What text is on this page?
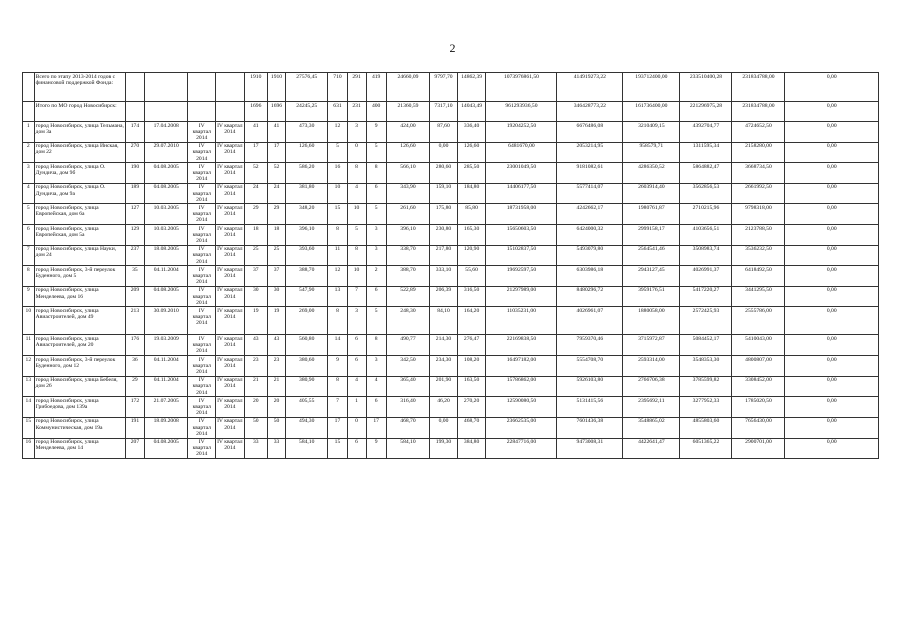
2
	Всего по этапу 2013-2014 годов с финансовой поддержкой Фонда:					1910	1910	27576,45	710	291	419	24660,09	9797,70	14862,39	1073976861,50	414919273,22	193712400,00	233510400,28	231834788,00	0,00
	Итого по МО город Новосибирск:					1696	1696	24245,25	631	231	400	21360,59	7317,10	14043,49	961293936,50	346428773,22	161736400,00	221296975,28	231834788,00	0,00
1	город Новосибирск, улица Тельмана, дом 3а	174	17.04.2008	IV квартал 2014	IV квартал 2014	41	41	473,30	12	3	9	424,00	87,60	336,40	19204252,50	6676486,08	3210409,15	4392704,77	4724652,50	0,00
2	город Новосибирск, улица Инская, дом 22	270	29.07.2010	IV квартал 2014	IV квартал 2014	17	17	126,60	5	0	5	126,60	0,00	126,60	6481670,00	2053214,95	958579,71	1311595,34	2158280,00	0,00
3	город Новосибирск, улица О. Дундича, дом 9б	190	04.08.2005	IV квартал 2014	IV квартал 2014	52	52	586,20	16	8	8	566,10	280,60	285,50	23001049,50	9181082,61	4286350,52	5864882,47	3668734,50	0,00
4	город Новосибирск, улица О. Дундича, дом 9а	189	04.08.2005	IV квартал 2014	IV квартал 2014	24	24	381,80	10	4	6	343,90	159,10	184,80	14406177,50	5577414,07	2603914,40	3562856,53	2661992,50	0,00
5	город Новосибирск, улица Европейская, дом 6а	127	10.03.2005	IV квартал 2014	IV квартал 2014	29	29	348,20	15	10	5	261,60	175,80	85,80	18731958,00	4242662,17	1980761,87	2710215,96	9798318,00	0,00
6	город Новосибирск, улица Европейская, дом 5а	129	10.03.2005	IV квартал 2014	IV квартал 2014	18	18	396,10	8	5	3	396,10	230,80	165,30	15650603,50	6424000,32	2999158,17	4103656,51	2123788,50	0,00
7	город Новосибирск, улица Науки, дом 24	237	18.08.2005	IV квартал 2014	IV квартал 2014	25	25	393,60	11	8	3	338,70	217,80	120,90	15102837,50	5493079,80	2564541,46	3508983,74	3536232,50	0,00
8	город Новосибирск, 3-й переулок Буденного, дом 5	35	04.11.2004	IV квартал 2014	IV квартал 2014	37	37	388,70	12	10	2	388,70	333,10	55,60	19692597,50	6303986,18	2943127,45	4026991,37	6418492,50	0,00
9	город Новосибирск, улица Менделеева, дом 16	209	04.08.2005	IV квартал 2014	IV квартал 2014	30	30	547,90	13	7	6	522,89	206,39	316,50	21297989,00	8480296,72	3959176,51	5417220,27	3441295,50	0,00
10	город Новосибирск, улица Авиастроителей, дом 49	213	30.09.2010	IV квартал 2014	IV квартал 2014	19	19	269,00	8	3	5	248,30	84,10	164,20	11035231,00	4026961,07	1880058,00	2572425,93	2555786,00	0,00
11	город Новосибирск, улица Авиастроителей, дом 20	176	19.03.2009	IV квартал 2014	IV квартал 2014	43	43	560,80	14	6	8	490,77	214,30	276,47	22169838,50	7959370,46	3715972,87	5084452,17	5410043,00	0,00
12	город Новосибирск, 3-й переулок Буденного, дом 12	36	04.11.2004	IV квартал 2014	IV квартал 2014	23	23	380,60	9	6	3	342,50	234,30	108,20	16497182,00	5554708,70	2593314,00	3548353,30	4800807,00	0,00
13	город Новосибирск, улица Бебеля, дом 26	29	04.11.2004	IV квартал 2014	IV квартал 2014	21	21	380,90	8	4	4	365,40	201,90	163,50	15786862,00	5926103,80	2766706,38	3785599,82	3308452,00	0,00
14	город Новосибирск, улица Грибоедова, дом 139а	172	21.07.2005	IV квартал 2014	IV квартал 2014	20	20	405,55	7	1	6	316,40	46,20	270,20	12590080,50	5131415,56	2395692,11	3277952,33	1785020,50	0,00
15	город Новосибирск, улица Коммунистическая, дом 19а	191	18.09.2008	IV квартал 2014	IV квартал 2014	50	50	494,30	17	0	17	468,70	0,00	468,70	23662535,00	7601436,38	3548865,02	4855803,60	7656430,00	0,00
16	город Новосибирск, улица Менделеева, дом 14	207	04.08.2005	IV квартал 2014	IV квартал 2014	33	33	584,10	15	6	9	584,10	199,30	384,80	22847716,00	9473008,31	4422641,47	6051365,22	2900701,00	0,00
